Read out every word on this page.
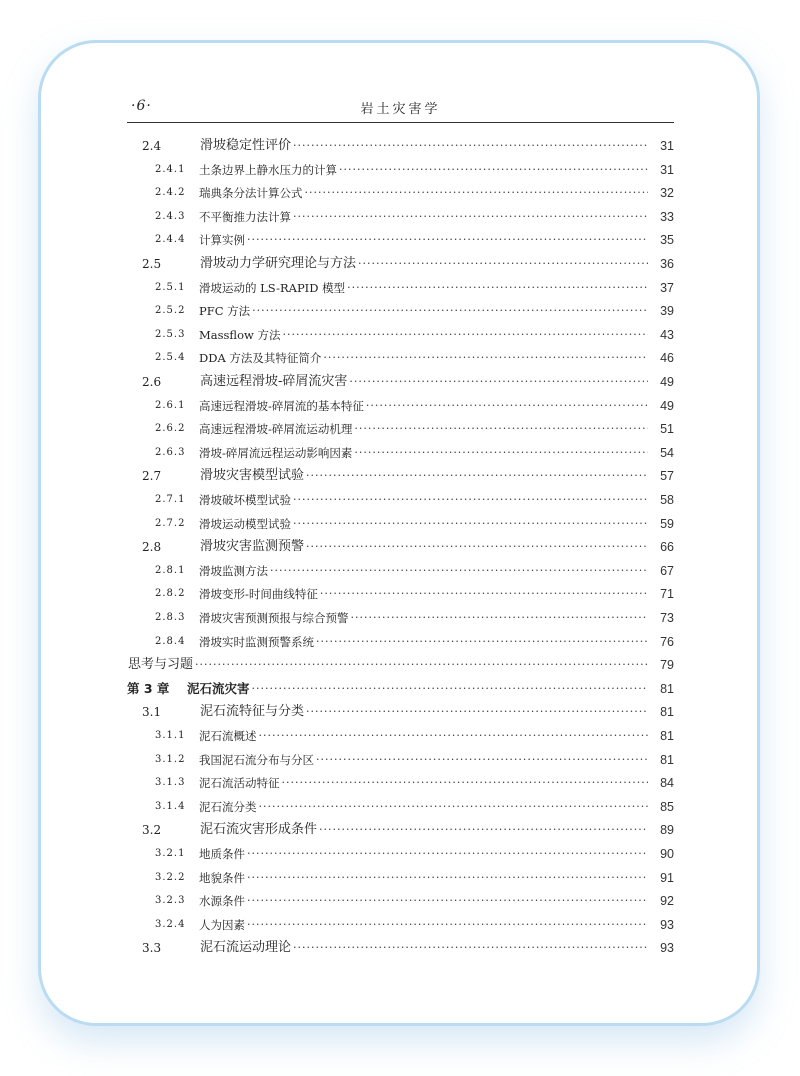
·6·	岩土灾害学
2.4	滑坡稳定性评价 ·····	31
2.4.1	土条边界上静水压力的计算 ·····	31
2.4.2	瑞典条分法计算公式 ·····	32
2.4.3	不平衡推力法计算 ·····	33
2.4.4	计算实例 ·····	35
2.5	滑坡动力学研究理论与方法 ·····	36
2.5.1	滑坡运动的 LS-RAPID 模型 ·····	37
2.5.2	PFC 方法 ·····	39
2.5.3	Massflow 方法 ·····	43
2.5.4	DDA 方法及其特征简介 ·····	46
2.6	高速远程滑坡-碎屑流灾害 ·····	49
2.6.1	高速远程滑坡-碎屑流的基本特征 ·····	49
2.6.2	高速远程滑坡-碎屑流运动机理 ·····	51
2.6.3	滑坡-碎屑流远程运动影响因素 ·····	54
2.7	滑坡灾害模型试验 ·····	57
2.7.1	滑坡破坏模型试验 ·····	58
2.7.2	滑坡运动模型试验 ·····	59
2.8	滑坡灾害监测预警 ·····	66
2.8.1	滑坡监测方法 ·····	67
2.8.2	滑坡变形-时间曲线特征 ·····	71
2.8.3	滑坡灾害预测预报与综合预警 ·····	73
2.8.4	滑坡实时监测预警系统 ·····	76
思考与习题 ·····	79
第 3 章	泥石流灾害 ·····	81
3.1	泥石流特征与分类 ·····	81
3.1.1	泥石流概述 ·····	81
3.1.2	我国泥石流分布与分区 ·····	81
3.1.3	泥石流活动特征 ·····	84
3.1.4	泥石流分类 ·····	85
3.2	泥石流灾害形成条件 ·····	89
3.2.1	地质条件 ·····	90
3.2.2	地貌条件 ·····	91
3.2.3	水源条件 ·····	92
3.2.4	人为因素 ·····	93
3.3	泥石流运动理论 ·····	93
